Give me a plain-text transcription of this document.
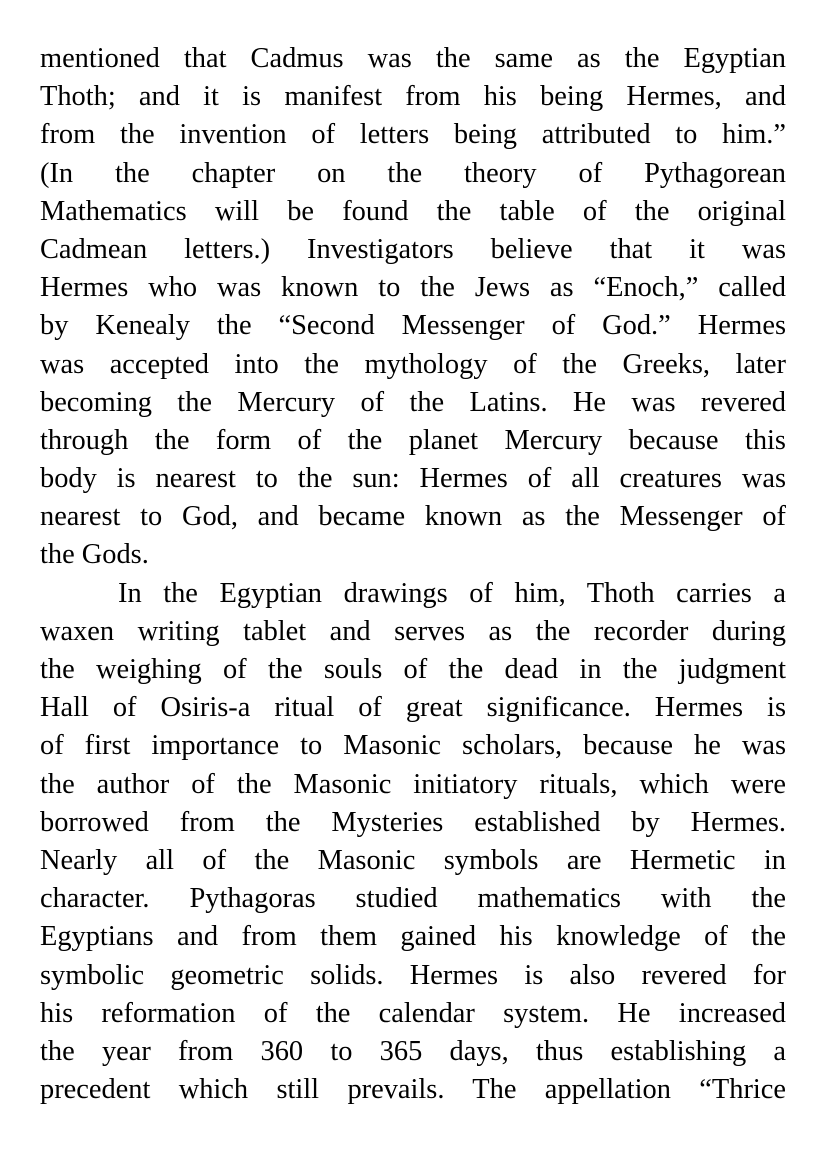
mentioned that Cadmus was the same as the Egyptian
Thoth; and it is manifest from his being Hermes, and
from the invention of letters being attributed to him.”
(In the chapter on the theory of Pythagorean
Mathematics will be found the table of the original
Cadmean letters.) Investigators believe that it was
Hermes who was known to the Jews as “Enoch,” called
by Kenealy the “Second Messenger of God.” Hermes
was accepted into the mythology of the Greeks, later
becoming the Mercury of the Latins. He was revered
through the form of the planet Mercury because this
body is nearest to the sun: Hermes of all creatures was
nearest to God, and became known as the Messenger of
the Gods.
In the Egyptian drawings of him, Thoth carries a
waxen writing tablet and serves as the recorder during
the weighing of the souls of the dead in the judgment
Hall of Osiris-a ritual of great significance. Hermes is
of first importance to Masonic scholars, because he was
the author of the Masonic initiatory rituals, which were
borrowed from the Mysteries established by Hermes.
Nearly all of the Masonic symbols are Hermetic in
character. Pythagoras studied mathematics with the
Egyptians and from them gained his knowledge of the
symbolic geometric solids. Hermes is also revered for
his reformation of the calendar system. He increased
the year from 360 to 365 days, thus establishing a
precedent which still prevails. The appellation “Thrice
